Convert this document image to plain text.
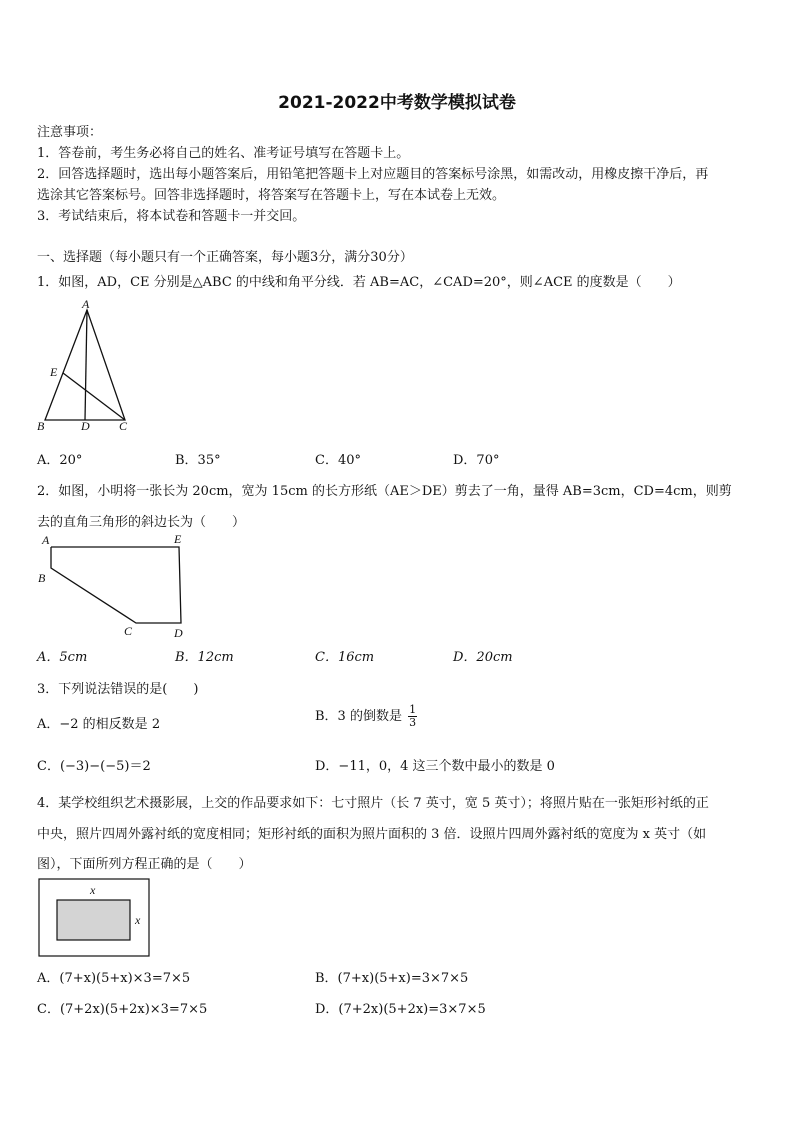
2021-2022中考数学模拟试卷
注意事项：
1．答卷前，考生务必将自己的姓名、准考证号填写在答题卡上。
2．回答选择题时，选出每小题答案后，用铅笔把答题卡上对应题目的答案标号涂黑，如需改动，用橡皮擦干净后，再
选涂其它答案标号。回答非选择题时，将答案写在答题卡上，写在本试卷上无效。
3．考试结束后，将本试卷和答题卡一并交回。
一、选择题（每小题只有一个正确答案，每小题3分，满分30分）
1．如图，AD，CE 分别是△ABC 的中线和角平分线．若 AB=AC，∠CAD=20°，则∠ACE 的度数是（　　）
A
B	D C
E
A．20°	B．35°	C．40°	D．70°
2．如图，小明将一张长为 20cm，宽为 15cm 的长方形纸（AE＞DE）剪去了一角，量得 AB=3cm，CD=4cm，则剪
去的直角三角形的斜边长为（　　）
A	E
B
C	D
A．5cm	B．12cm	C．16cm	D．20cm
3．下列说法错误的是(　　)
A．−2 的相反数是 2
B．3 的倒数是 $\frac{1}{3}$
C．(−3)−(−5)＝2	D．−11，0，4 这三个数中最小的数是 0
4．某学校组织艺术摄影展，上交的作品要求如下：七寸照片（长 7 英寸，宽 5 英寸）；将照片贴在一张矩形衬纸的正
中央，照片四周外露衬纸的宽度相同；矩形衬纸的面积为照片面积的 3 倍．设照片四周外露衬纸的宽度为 x 英寸（如
图），下面所列方程正确的是（　　）
x
x
A．(7+x)(5+x)×3=7×5	B．(7+x)(5+x)=3×7×5
C．(7+2x)(5+2x)×3=7×5	D．(7+2x)(5+2x)=3×7×5
